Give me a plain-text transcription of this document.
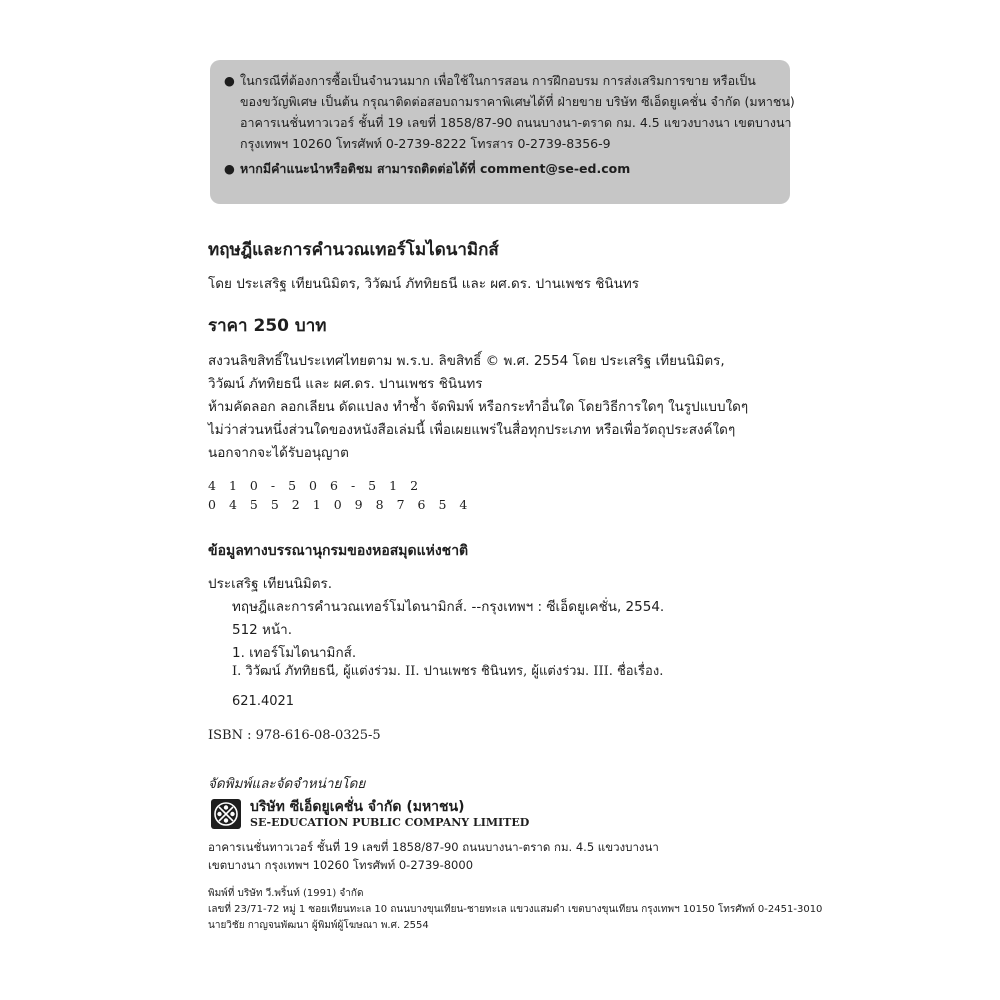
● ในกรณีที่ต้องการซื้อเป็นจำนวนมาก เพื่อใช้ในการสอน การฝึกอบรม การส่งเสริมการขาย หรือเป็น
ของขวัญพิเศษ เป็นต้น กรุณาติดต่อสอบถามราคาพิเศษได้ที่ ฝ่ายขาย บริษัท ซีเอ็ดยูเคชั่น จำกัด (มหาชน)
อาคารเนชั่นทาวเวอร์ ชั้นที่ 19 เลขที่ 1858/87-90 ถนนบางนา-ตราด กม. 4.5 แขวงบางนา เขตบางนา
กรุงเทพฯ 10260 โทรศัพท์ 0-2739-8222 โทรสาร 0-2739-8356-9
● หากมีคำแนะนำหรือติชม สามารถติดต่อได้ที่ comment@se-ed.com
ทฤษฎีและการคำนวณเทอร์โมไดนามิกส์
โดย ประเสริฐ เทียนนิมิตร, วิวัฒน์ ภัททิยธนี และ ผศ.ดร. ปานเพชร ชินินทร
ราคา 250 บาท
สงวนลิขสิทธิ์ในประเทศไทยตาม พ.ร.บ. ลิขสิทธิ์ © พ.ศ. 2554 โดย ประเสริฐ เทียนนิมิตร,
วิวัฒน์ ภัททิยธนี และ ผศ.ดร. ปานเพชร ชินินทร
ห้ามคัดลอก ลอกเลียน ดัดแปลง ทำซ้ำ จัดพิมพ์ หรือกระทำอื่นใด โดยวิธีการใดๆ ในรูปแบบใดๆ
ไม่ว่าส่วนหนึ่งส่วนใดของหนังสือเล่มนี้ เพื่อเผยแพร่ในสื่อทุกประเภท หรือเพื่อวัตถุประสงค์ใดๆ
นอกจากจะได้รับอนุญาต
410-506-512
0455210987654
ข้อมูลทางบรรณานุกรมของหอสมุดแห่งชาติ
ประเสริฐ เทียนนิมิตร.
ทฤษฎีและการคำนวณเทอร์โมไดนามิกส์. --กรุงเทพฯ : ซีเอ็ดยูเคชั่น, 2554.
512 หน้า.
1. เทอร์โมไดนามิกส์.
I. วิวัฒน์ ภัททิยธนี, ผู้แต่งร่วม. II. ปานเพชร ชินินทร, ผู้แต่งร่วม. III. ชื่อเรื่อง.
621.4021
ISBN : 978-616-08-0325-5
จัดพิมพ์และจัดจำหน่ายโดย
บริษัท ซีเอ็ดยูเคชั่น จำกัด (มหาชน)
SE-EDUCATION PUBLIC COMPANY LIMITED
อาคารเนชั่นทาวเวอร์ ชั้นที่ 19 เลขที่ 1858/87-90 ถนนบางนา-ตราด กม. 4.5 แขวงบางนา
เขตบางนา กรุงเทพฯ 10260 โทรศัพท์ 0-2739-8000
พิมพ์ที่ บริษัท วี.พริ้นท์ (1991) จำกัด
เลขที่ 23/71-72 หมู่ 1 ซอยเทียนทะเล 10 ถนนบางขุนเทียน-ชายทะเล แขวงแสมดำ เขตบางขุนเทียน กรุงเทพฯ 10150 โทรศัพท์ 0-2451-3010
นายวิชัย กาญจนพัฒนา ผู้พิมพ์ผู้โฆษณา พ.ศ. 2554
